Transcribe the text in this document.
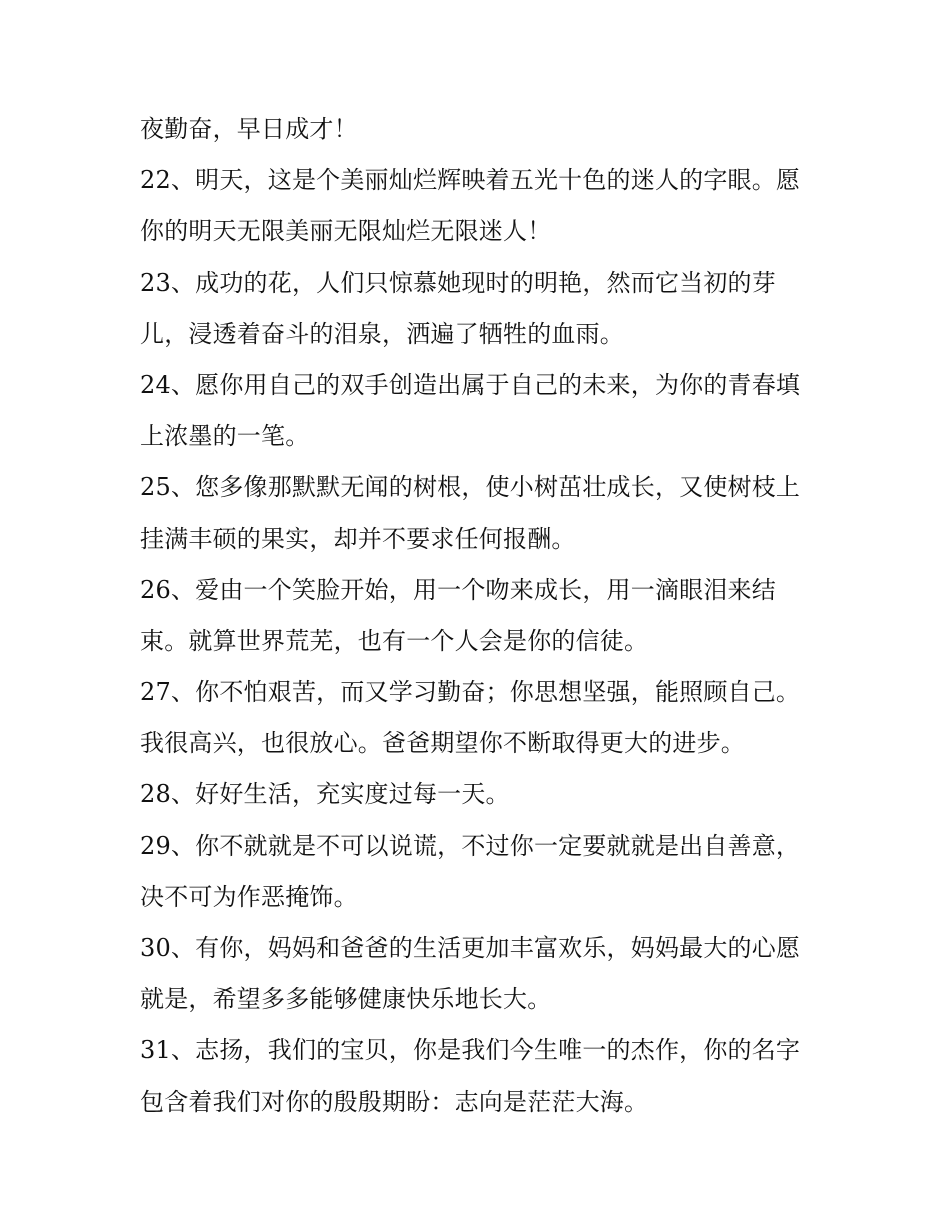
夜勤奋，早日成才！
22、明天，这是个美丽灿烂辉映着五光十色的迷人的字眼。愿
你的明天无限美丽无限灿烂无限迷人！
23、成功的花，人们只惊慕她现时的明艳，然而它当初的芽
儿，浸透着奋斗的泪泉，洒遍了牺牲的血雨。
24、愿你用自己的双手创造出属于自己的未来，为你的青春填
上浓墨的一笔。
25、您多像那默默无闻的树根，使小树茁壮成长，又使树枝上
挂满丰硕的果实，却并不要求任何报酬。
26、爱由一个笑脸开始，用一个吻来成长，用一滴眼泪来结
束。就算世界荒芜，也有一个人会是你的信徒。
27、你不怕艰苦，而又学习勤奋；你思想坚强，能照顾自己。
我很高兴，也很放心。爸爸期望你不断取得更大的进步。
28、好好生活，充实度过每一天。
29、你不就就是不可以说谎，不过你一定要就就是出自善意，
决不可为作恶掩饰。
30、有你，妈妈和爸爸的生活更加丰富欢乐，妈妈最大的心愿
就是，希望多多能够健康快乐地长大。
31、志扬，我们的宝贝，你是我们今生唯一的杰作，你的名字
包含着我们对你的殷殷期盼：志向是茫茫大海。
